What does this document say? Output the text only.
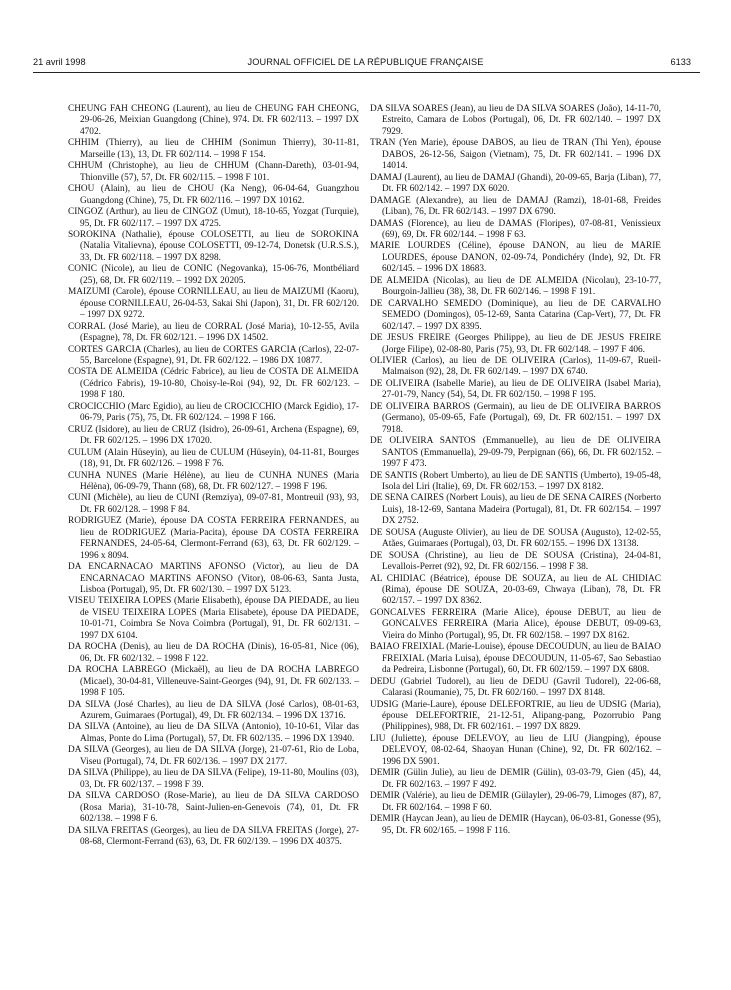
21 avril 1998	JOURNAL OFFICIEL DE LA RÉPUBLIQUE FRANÇAISE	6133

CHEUNG FAH CHEONG (Laurent), au lieu de CHEUNG FAH CHEONG, 29-06-26, Meixian Guangdong (Chine), 974. Dt. FR 602/113. – 1997 DX 4702.

CHHIM (Thierry), au lieu de CHHIM (Sonimun Thierry), 30-11-81, Marseille (13), 13, Dt. FR 602/114. – 1998 F 154.

CHHUM (Christophe), au lieu de CHHUM (Chann-Dareth), 03-01-94, Thionville (57), 57, Dt. FR 602/115. – 1998 F 101.

CHOU (Alain), au lieu de CHOU (Ka Neng), 06-04-64, Guangzhou Guangdong (Chine), 75, Dt. FR 602/116. – 1997 DX 10162.

CINGOZ (Arthur), au lieu de CINGOZ (Umut), 18-10-65, Yozgat (Turquie), 95, Dt. FR 602/117. – 1997 DX 4725.

SOROKINA (Nathalie), épouse COLOSETTI, au lieu de SOROKINA (Natalia Vitalievna), épouse COLOSETTI, 09-12-74, Donetsk (U.R.S.S.), 33, Dt. FR 602/118. – 1997 DX 8298.

CONIC (Nicole), au lieu de CONIC (Negovanka), 15-06-76, Montbéliard (25), 68, Dt. FR 602/119. – 1992 DX 20205.

MAIZUMI (Carole), épouse CORNILLEAU, au lieu de MAIZUMI (Kaoru), épouse CORNILLEAU, 26-04-53, Sakai Shi (Japon), 31, Dt. FR 602/120. – 1997 DX 9272.

CORRAL (José Marie), au lieu de CORRAL (José Maria), 10-12-55, Avila (Espagne), 78, Dt. FR 602/121. – 1996 DX 14502.

CORTES GARCIA (Charles), au lieu de CORTES GARCIA (Carlos), 22-07-55, Barcelone (Espagne), 91, Dt. FR 602/122. – 1986 DX 10877.

COSTA DE ALMEIDA (Cédric Fabrice), au lieu de COSTA DE ALMEIDA (Cédrico Fabris), 19-10-80, Choisy-le-Roi (94), 92, Dt. FR 602/123. – 1998 F 180.

CROCICCHIO (Marc Egidio), au lieu de CROCICCHIO (Marck Egidio), 17-06-79, Paris (75), 75, Dt. FR 602/124. – 1998 F 166.

CRUZ (Isidore), au lieu de CRUZ (Isidro), 26-09-61, Archena (Espagne), 69, Dt. FR 602/125. – 1996 DX 17020.

CULUM (Alain Hüseyin), au lieu de CULUM (Hüseyin), 04-11-81, Bourges (18), 91, Dt. FR 602/126. – 1998 F 76.

CUNHA NUNES (Marie Hélène), au lieu de CUNHA NUNES (Maria Hélèna), 06-09-79, Thann (68), 68, Dt. FR 602/127. – 1998 F 196.

CUNI (Michèle), au lieu de CUNI (Remziya), 09-07-81, Montreuil (93), 93, Dt. FR 602/128. – 1998 F 84.

RODRIGUEZ (Marie), épouse DA COSTA FERREIRA FERNANDES, au lieu de RODRIGUEZ (Maria-Pacita), épouse DA COSTA FERREIRA FERNANDES, 24-05-64, Clermont-Ferrand (63), 63, Dt. FR 602/129. – 1996 x 8094.

DA ENCARNACAO MARTINS AFONSO (Victor), au lieu de DA ENCARNACAO MARTINS AFONSO (Vitor), 08-06-63, Santa Justa, Lisboa (Portugal), 95, Dt. FR 602/130. – 1997 DX 5123.

VISEU TEIXEIRA LOPES (Marie Elisabeth), épouse DA PIEDADE, au lieu de VISEU TEIXEIRA LOPES (Maria Elisabete), épouse DA PIEDADE, 10-01-71, Coimbra Se Nova Coimbra (Portugal), 91, Dt. FR 602/131. – 1997 DX 6104.

DA ROCHA (Denis), au lieu de DA ROCHA (Dinis), 16-05-81, Nice (06), 06, Dt. FR 602/132. – 1998 F 122.

DA ROCHA LABREGO (Mickaël), au lieu de DA ROCHA LABREGO (Micael), 30-04-81, Villeneuve-Saint-Georges (94), 91, Dt. FR 602/133. – 1998 F 105.

DA SILVA (José Charles), au lieu de DA SILVA (José Carlos), 08-01-63, Azurem, Guimaraes (Portugal), 49, Dt. FR 602/134. – 1996 DX 13716.

DA SILVA (Antoine), au lieu de DA SILVA (Antonio), 10-10-61, Vilar das Almas, Ponte do Lima (Portugal), 57, Dt. FR 602/135. – 1996 DX 13940.

DA SILVA (Georges), au lieu de DA SILVA (Jorge), 21-07-61, Rio de Loba, Viseu (Portugal), 74, Dt. FR 602/136. – 1997 DX 2177.

DA SILVA (Philippe), au lieu de DA SILVA (Felipe), 19-11-80, Moulins (03), 03, Dt. FR 602/137. – 1998 F 39.

DA SILVA CARDOSO (Rose-Marie), au lieu de DA SILVA CARDOSO (Rosa Maria), 31-10-78, Saint-Julien-en-Genevois (74), 01, Dt. FR 602/138. – 1998 F 6.

DA SILVA FREITAS (Georges), au lieu de DA SILVA FREITAS (Jorge), 27-08-68, Clermont-Ferrand (63), 63, Dt. FR 602/139. – 1996 DX 40375.

DA SILVA SOARES (Jean), au lieu de DA SILVA SOARES (João), 14-11-70, Estreito, Camara de Lobos (Portugal), 06, Dt. FR 602/140. – 1997 DX 7929.

TRAN (Yen Marie), épouse DABOS, au lieu de TRAN (Thi Yen), épouse DABOS, 26-12-56, Saigon (Vietnam), 75, Dt. FR 602/141. – 1996 DX 14014.

DAMAJ (Laurent), au lieu de DAMAJ (Ghandi), 20-09-65, Barja (Liban), 77, Dt. FR 602/142. – 1997 DX 6020.

DAMAGE (Alexandre), au lieu de DAMAJ (Ramzi), 18-01-68, Freides (Liban), 76, Dt. FR 602/143. – 1997 DX 6790.

DAMAS (Florence), au lieu de DAMAS (Floripes), 07-08-81, Venissieux (69), 69, Dt. FR 602/144. – 1998 F 63.

MARIE LOURDES (Céline), épouse DANON, au lieu de MARIE LOURDES, épouse DANON, 02-09-74, Pondichéry (Inde), 92, Dt. FR 602/145. – 1996 DX 18683.

DE ALMEIDA (Nicolas), au lieu de DE ALMEIDA (Nicolau), 23-10-77, Bourgoin-Jallieu (38), 38, Dt. FR 602/146. – 1998 F 191.

DE CARVALHO SEMEDO (Dominique), au lieu de DE CARVALHO SEMEDO (Domingos), 05-12-69, Santa Catarina (Cap-Vert), 77, Dt. FR 602/147. – 1997 DX 8395.

DE JESUS FREIRE (Georges Philippe), au lieu de DE JESUS FREIRE (Jorge Filipe), 02-08-80, Paris (75), 93, Dt. FR 602/148. – 1997 F 406.

OLIVIER (Carlos), au lieu de DE OLIVEIRA (Carlos), 11-09-67, Rueil-Malmaison (92), 28, Dt. FR 602/149. – 1997 DX 6740.

DE OLIVEIRA (Isabelle Marie), au lieu de DE OLIVEIRA (Isabel Maria), 27-01-79, Nancy (54), 54, Dt. FR 602/150. – 1998 F 195.

DE OLIVEIRA BARROS (Germain), au lieu de DE OLIVEIRA BARROS (Germano), 05-09-65, Fafe (Portugal), 69, Dt. FR 602/151. – 1997 DX 7918.

DE OLIVEIRA SANTOS (Emmanuelle), au lieu de DE OLIVEIRA SANTOS (Emmanuella), 29-09-79, Perpignan (66), 66, Dt. FR 602/152. – 1997 F 473.

DE SANTIS (Robert Umberto), au lieu de DE SANTIS (Umberto), 19-05-48, Isola del Liri (Italie), 69, Dt. FR 602/153. – 1997 DX 8182.

DE SENA CAIRES (Norbert Louis), au lieu de DE SENA CAIRES (Norberto Luis), 18-12-69, Santana Madeira (Portugal), 81, Dt. FR 602/154. – 1997 DX 2752.

DE SOUSA (Auguste Olivier), au lieu de DE SOUSA (Augusto), 12-02-55, Atães, Guimaraes (Portugal), 03, Dt. FR 602/155. – 1996 DX 13138.

DE SOUSA (Christine), au lieu de DE SOUSA (Cristina), 24-04-81, Levallois-Perret (92), 92, Dt. FR 602/156. – 1998 F 38.

AL CHIDIAC (Béatrice), épouse DE SOUZA, au lieu de AL CHIDIAC (Rima), épouse DE SOUZA, 20-03-69, Chwaya (Liban), 78, Dt. FR 602/157. – 1997 DX 8362.

GONCALVES FERREIRA (Marie Alice), épouse DEBUT, au lieu de GONCALVES FERREIRA (Maria Alice), épouse DEBUT, 09-09-63, Vieira do Minho (Portugal), 95, Dt. FR 602/158. – 1997 DX 8162.

BAIAO FREIXIAL (Marie-Louise), épouse DECOUDUN, au lieu de BAIAO FREIXIAL (Maria Luisa), épouse DECOUDUN, 11-05-67, Sao Sebastiao da Pedreira, Lisbonne (Portugal), 60, Dt. FR 602/159. – 1997 DX 6808.

DEDU (Gabriel Tudorel), au lieu de DEDU (Gavril Tudorel), 22-06-68, Calarasi (Roumanie), 75, Dt. FR 602/160. – 1997 DX 8148.

UDSIG (Marie-Laure), épouse DELEFORTRIE, au lieu de UDSIG (Maria), épouse DELEFORTRIE, 21-12-51, Alipang-pang, Pozorrubio Pang (Philippines), 988, Dt. FR 602/161. – 1997 DX 8829.

LIU (Juliette), épouse DELEVOY, au lieu de LIU (Jiangping), épouse DELEVOY, 08-02-64, Shaoyan Hunan (Chine), 92, Dt. FR 602/162. – 1996 DX 5901.

DEMIR (Gülin Julie), au lieu de DEMIR (Gülin), 03-03-79, Gien (45), 44, Dt. FR 602/163. – 1997 F 492.

DEMIR (Valérie), au lieu de DEMIR (Gülayler), 29-06-79, Limoges (87), 87, Dt. FR 602/164. – 1998 F 60.

DEMIR (Haycan Jean), au lieu de DEMIR (Haycan), 06-03-81, Gonesse (95), 95, Dt. FR 602/165. – 1998 F 116.
